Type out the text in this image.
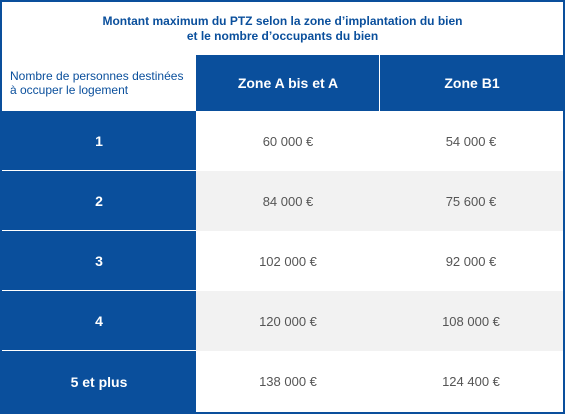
Montant maximum du PTZ selon la zone d’implantation du bien
et le nombre d’occupants du bien
Nombre de personnes destinées
à occuper le logement	Zone A bis et A	Zone B1
1	60 000 €	54 000 €
2	84 000 €	75 600 €
3	102 000 €	92 000 €
4	120 000 €	108 000 €
5 et plus	138 000 €	124 400 €
